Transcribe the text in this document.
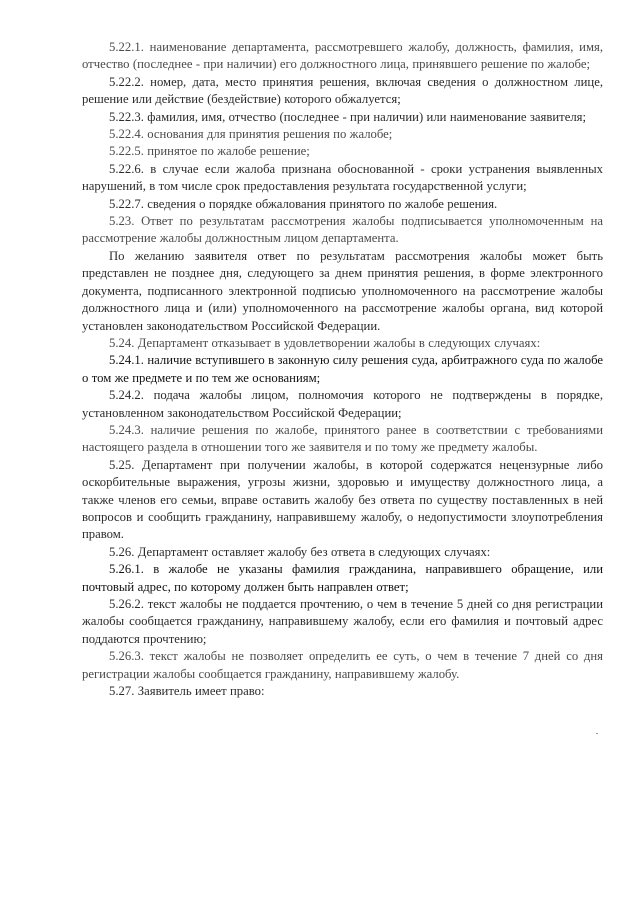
5.22.1. наименование департамента, рассмотревшего жалобу, должность, фамилия, имя, отчество (последнее - при наличии) его должностного лица, принявшего решение по жалобе;

5.22.2. номер, дата, место принятия решения, включая сведения о должностном лице, решение или действие (бездействие) которого обжалуется;

5.22.3. фамилия, имя, отчество (последнее - при наличии) или наименование заявителя;

5.22.4. основания для принятия решения по жалобе;

5.22.5. принятое по жалобе решение;

5.22.6. в случае если жалоба признана обоснованной - сроки устранения выявленных нарушений, в том числе срок предоставления результата государственной услуги;

5.22.7. сведения о порядке обжалования принятого по жалобе решения.

5.23. Ответ по результатам рассмотрения жалобы подписывается уполномоченным на рассмотрение жалобы должностным лицом департамента.

По желанию заявителя ответ по результатам рассмотрения жалобы может быть представлен не позднее дня, следующего за днем принятия решения, в форме электронного документа, подписанного электронной подписью уполномоченного на рассмотрение жалобы должностного лица и (или) уполномоченного на рассмотрение жалобы органа, вид которой установлен законодательством Российской Федерации.

5.24. Департамент отказывает в удовлетворении жалобы в следующих случаях:

5.24.1. наличие вступившего в законную силу решения суда, арбитражного суда по жалобе о том же предмете и по тем же основаниям;

5.24.2. подача жалобы лицом, полномочия которого не подтверждены в порядке, установленном законодательством Российской Федерации;

5.24.3. наличие решения по жалобе, принятого ранее в соответствии с требованиями настоящего раздела в отношении того же заявителя и по тому же предмету жалобы.

5.25. Департамент при получении жалобы, в которой содержатся нецензурные либо оскорбительные выражения, угрозы жизни, здоровью и имуществу должностного лица, а также членов его семьи, вправе оставить жалобу без ответа по существу поставленных в ней вопросов и сообщить гражданину, направившему жалобу, о недопустимости злоупотребления правом.

5.26. Департамент оставляет жалобу без ответа в следующих случаях:

5.26.1. в жалобе не указаны фамилия гражданина, направившего обращение, или почтовый адрес, по которому должен быть направлен ответ;

5.26.2. текст жалобы не поддается прочтению, о чем в течение 5 дней со дня регистрации жалобы сообщается гражданину, направившему жалобу, если его фамилия и почтовый адрес поддаются прочтению;

5.26.3. текст жалобы не позволяет определить ее суть, о чем в течение 7 дней со дня регистрации жалобы сообщается гражданину, направившему жалобу.

5.27. Заявитель имеет право:
